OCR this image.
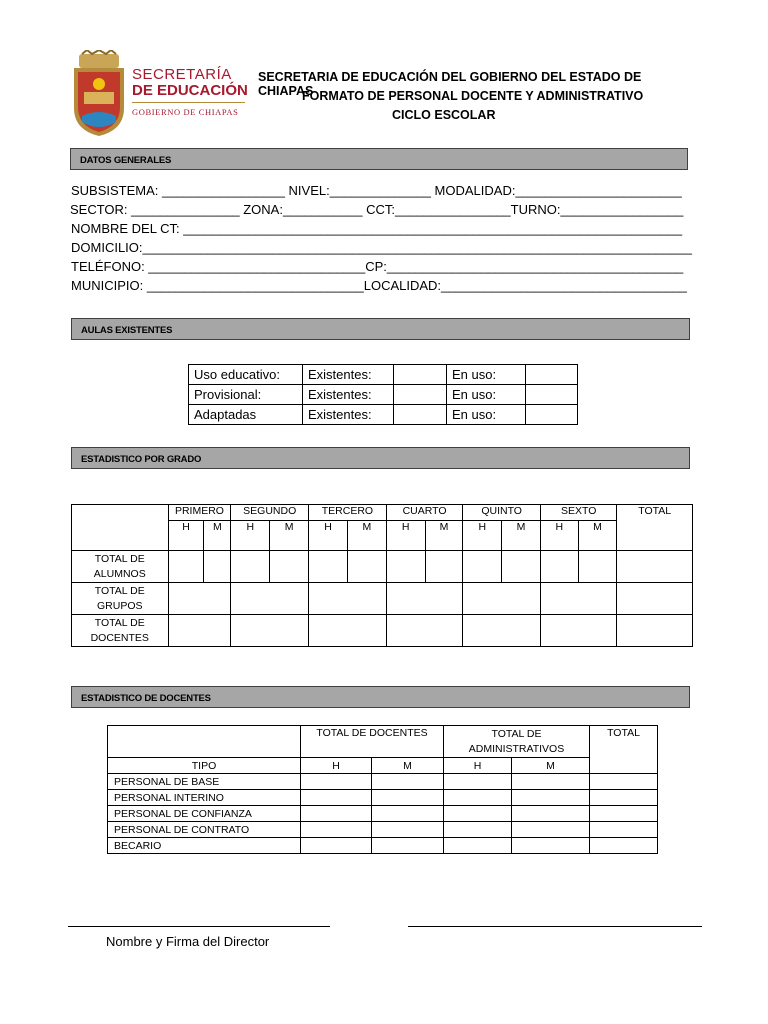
SECRETARÍA
DE EDUCACIÓN
GOBIERNO DE CHIAPAS
SECRETARIA DE EDUCACIÓN DEL GOBIERNO DEL ESTADO DE CHIAPAS
FORMATO DE PERSONAL DOCENTE Y ADMINISTRATIVO
CICLO ESCOLAR
DATOS GENERALES
SUBSISTEMA: _________________ NIVEL:______________ MODALIDAD:_______________________
SECTOR: _______________ ZONA:___________ CCT:________________TURNO:_________________
NOMBRE DEL CT: _____________________________________________________________________
DOMICILIO:____________________________________________________________________________
TELÉFONO: ______________________________CP:_________________________________________
MUNICIPIO: ______________________________LOCALIDAD:__________________________________
AULAS EXISTENTES
Uso educativo:	Existentes:		En uso:	
Provisional:	Existentes:		En uso:	
Adaptadas	Existentes:		En uso:	
ESTADISTICO POR GRADO
	PRIMERO		SEGUNDO		TERCERO		CUARTO		QUINTO		SEXTO		TOTAL
	H	M	H	M	H	M	H	M	H	M	H	M	
TOTAL DE ALUMNOS													
TOTAL DE GRUPOS													
TOTAL DE DOCENTES													
ESTADISTICO DE DOCENTES
	TOTAL DE DOCENTES		TOTAL DE ADMINISTRATIVOS		TOTAL
TIPO	H	M	H	M	
PERSONAL DE BASE					
PERSONAL INTERINO					
PERSONAL DE CONFIANZA					
PERSONAL DE CONTRATO					
BECARIO					
Nombre y Firma del Director
